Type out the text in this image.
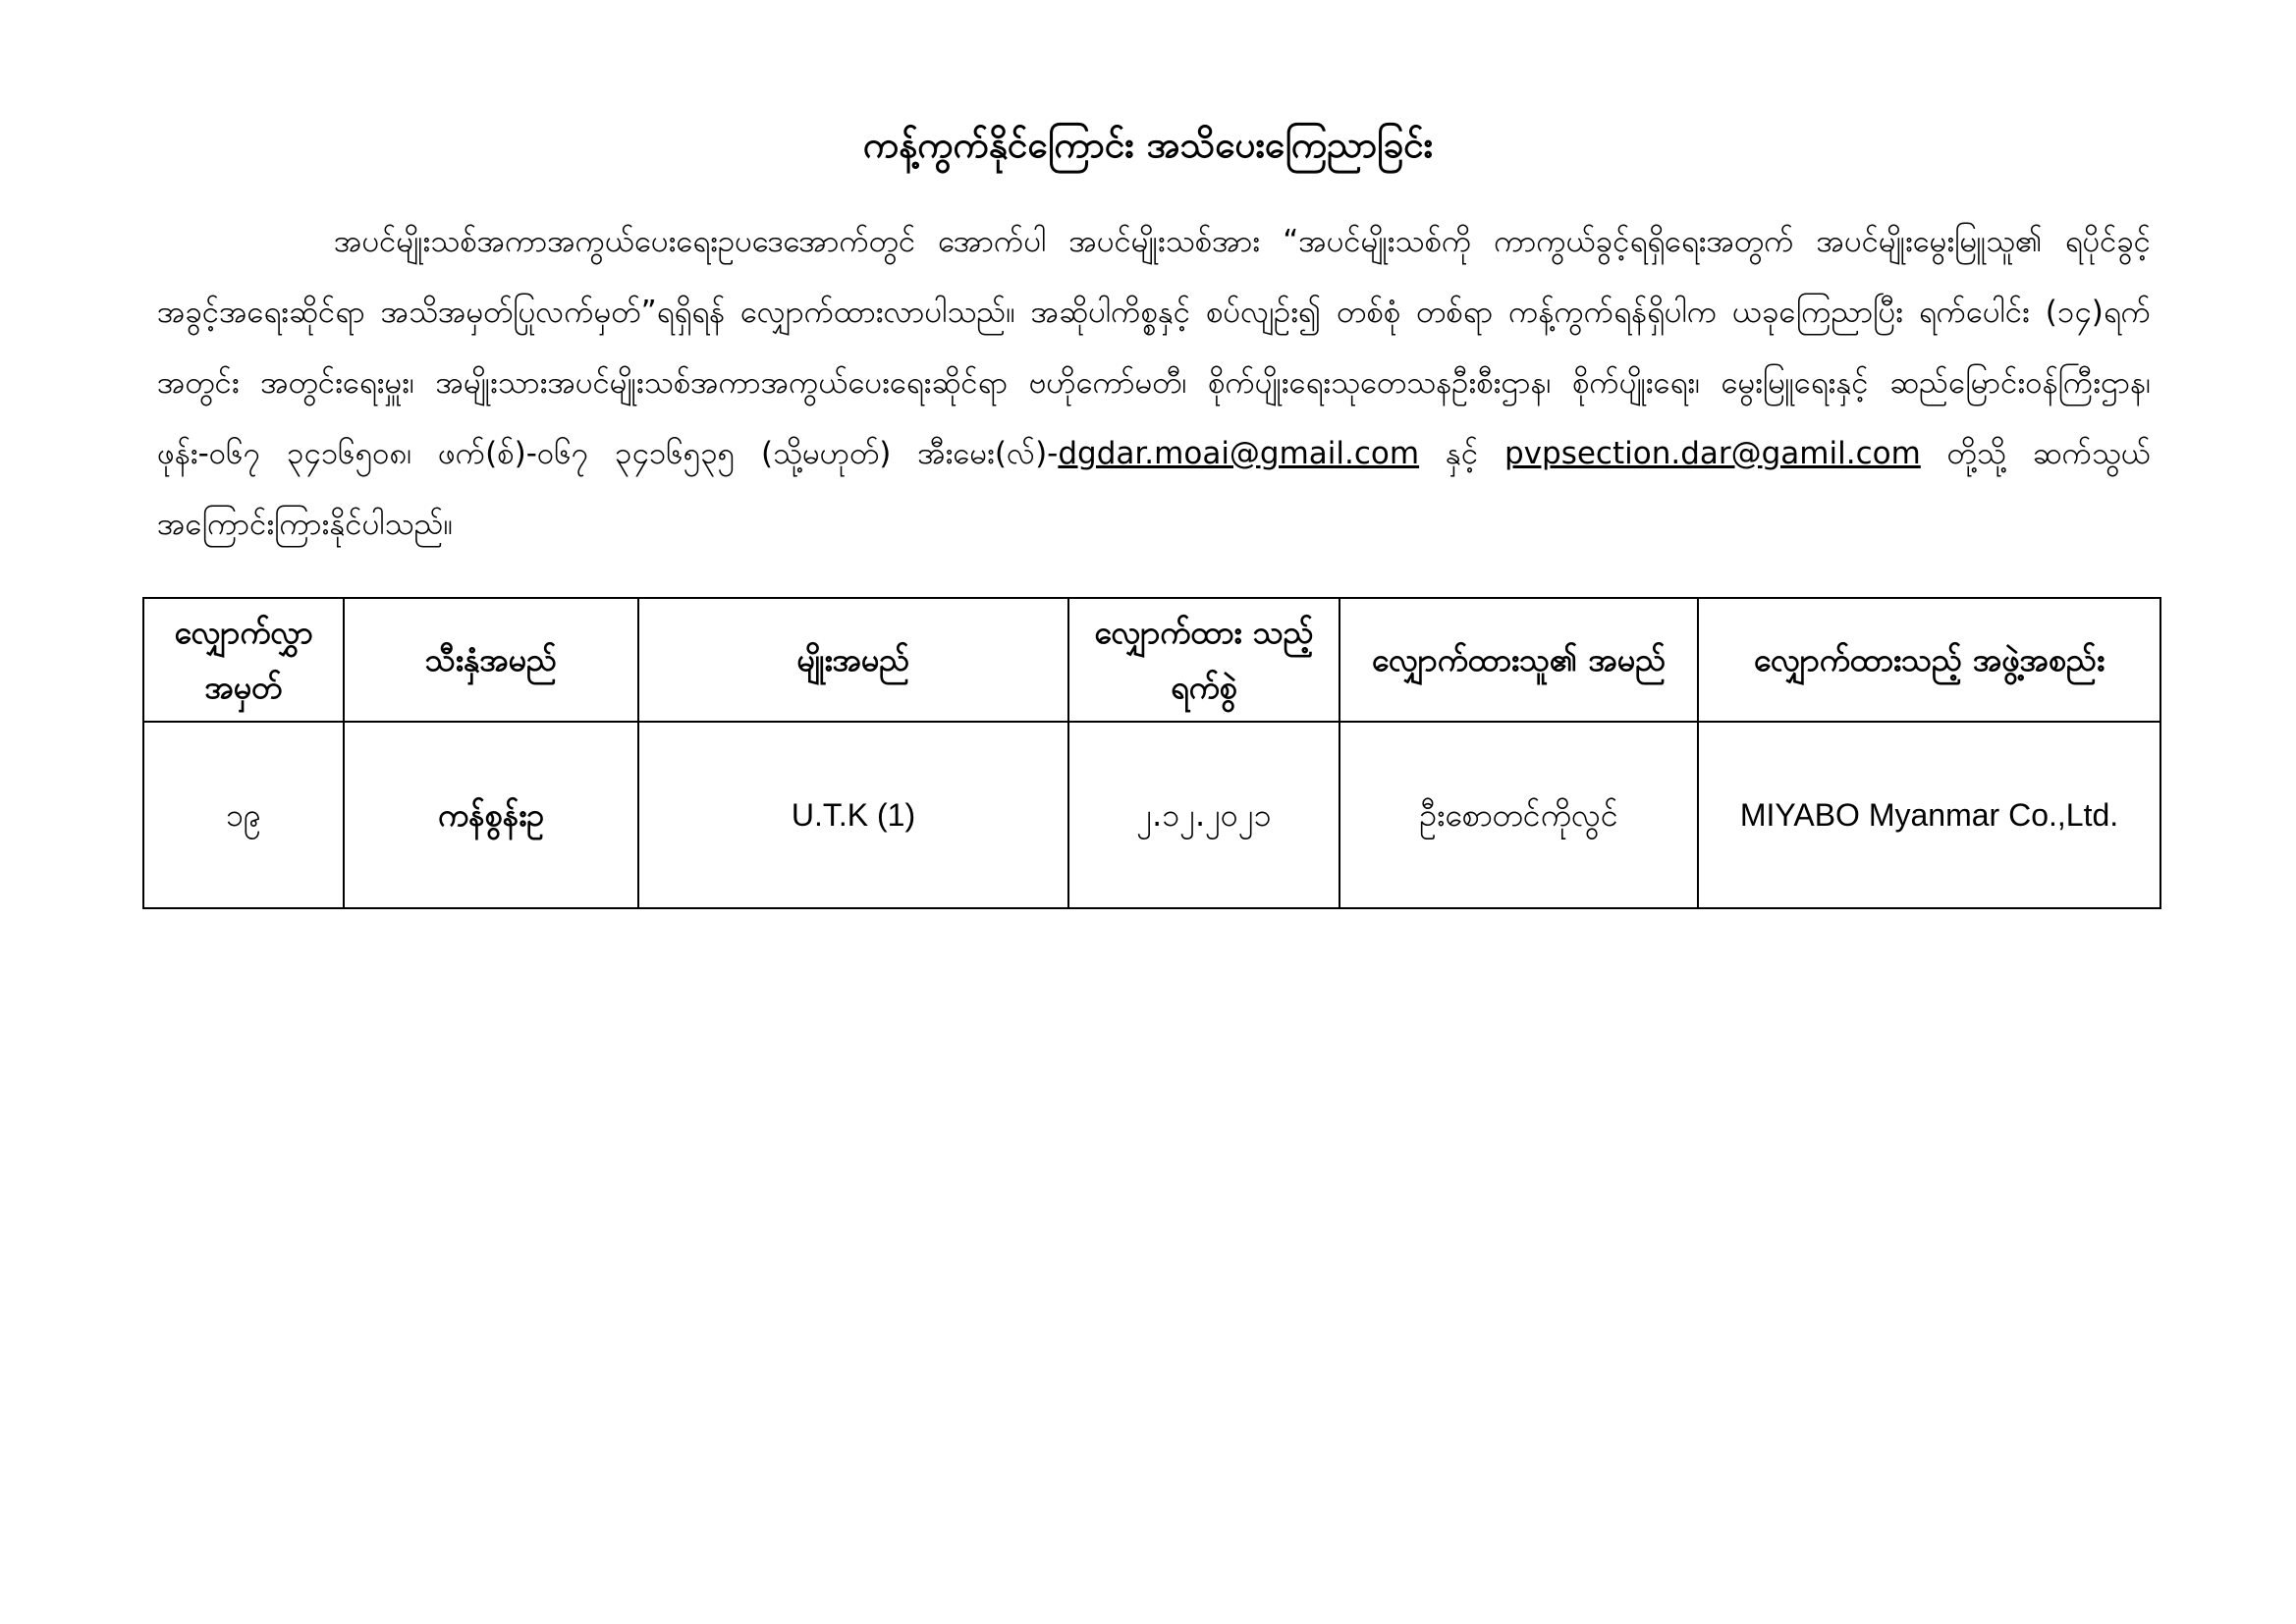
ကန့်ကွက်နိုင်ကြောင်း အသိပေးကြေညာခြင်း

အပင်မျိုးသစ်အကာအကွယ်ပေးရေးဥပဒေအောက်တွင် အောက်ပါ အပင်မျိုးသစ်အား “အပင်မျိုးသစ်ကို ကာကွယ်ခွင့်ရရှိရေးအတွက် အပင်မျိုးမွေးမြူသူ၏ ရပိုင်ခွင့်အခွင့်အရေးဆိုင်ရာ အသိအမှတ်ပြုလက်မှတ်”ရရှိရန် လျှောက်ထားလာပါသည်။ အဆိုပါကိစ္စနှင့် စပ်လျဉ်း၍ တစ်စုံ တစ်ရာ ကန့်ကွက်ရန်ရှိပါက ယခုကြေညာပြီး ရက်ပေါင်း (၁၄)ရက်အတွင်း အတွင်းရေးမှူး၊ အမျိုးသားအပင်မျိုးသစ်အကာအကွယ်ပေးရေးဆိုင်ရာ ဗဟိုကော်မတီ၊ စိုက်ပျိုးရေးသုတေသနဦးစီးဌာန၊ စိုက်ပျိုးရေး၊ မွေးမြူရေးနှင့် ဆည်မြောင်းဝန်ကြီးဌာန၊ ဖုန်း-၀၆၇ ၃၄၁၆၅၀၈၊ ဖက်(စ်)-၀၆၇ ၃၄၁၆၅၃၅ (သို့မဟုတ်) အီးမေး(လ်)-dgdar.moai@gmail.com နှင့် pvpsection.dar@gamil.com တို့သို့ ဆက်သွယ်အကြောင်းကြားနိုင်ပါသည်။

လျှောက်လွှာ အမှတ်	သီးနှံအမည်	မျိုးအမည်	လျှောက်ထား သည့်ရက်စွဲ	လျှောက်ထားသူ၏ အမည်	လျှောက်ထားသည့် အဖွဲ့အစည်း
၁၉	ကန်စွန်းဥ	U.T.K (1)	၂.၁၂.၂၀၂၁	ဦးစောတင်ကိုလွင်	MIYABO Myanmar Co.,Ltd.
